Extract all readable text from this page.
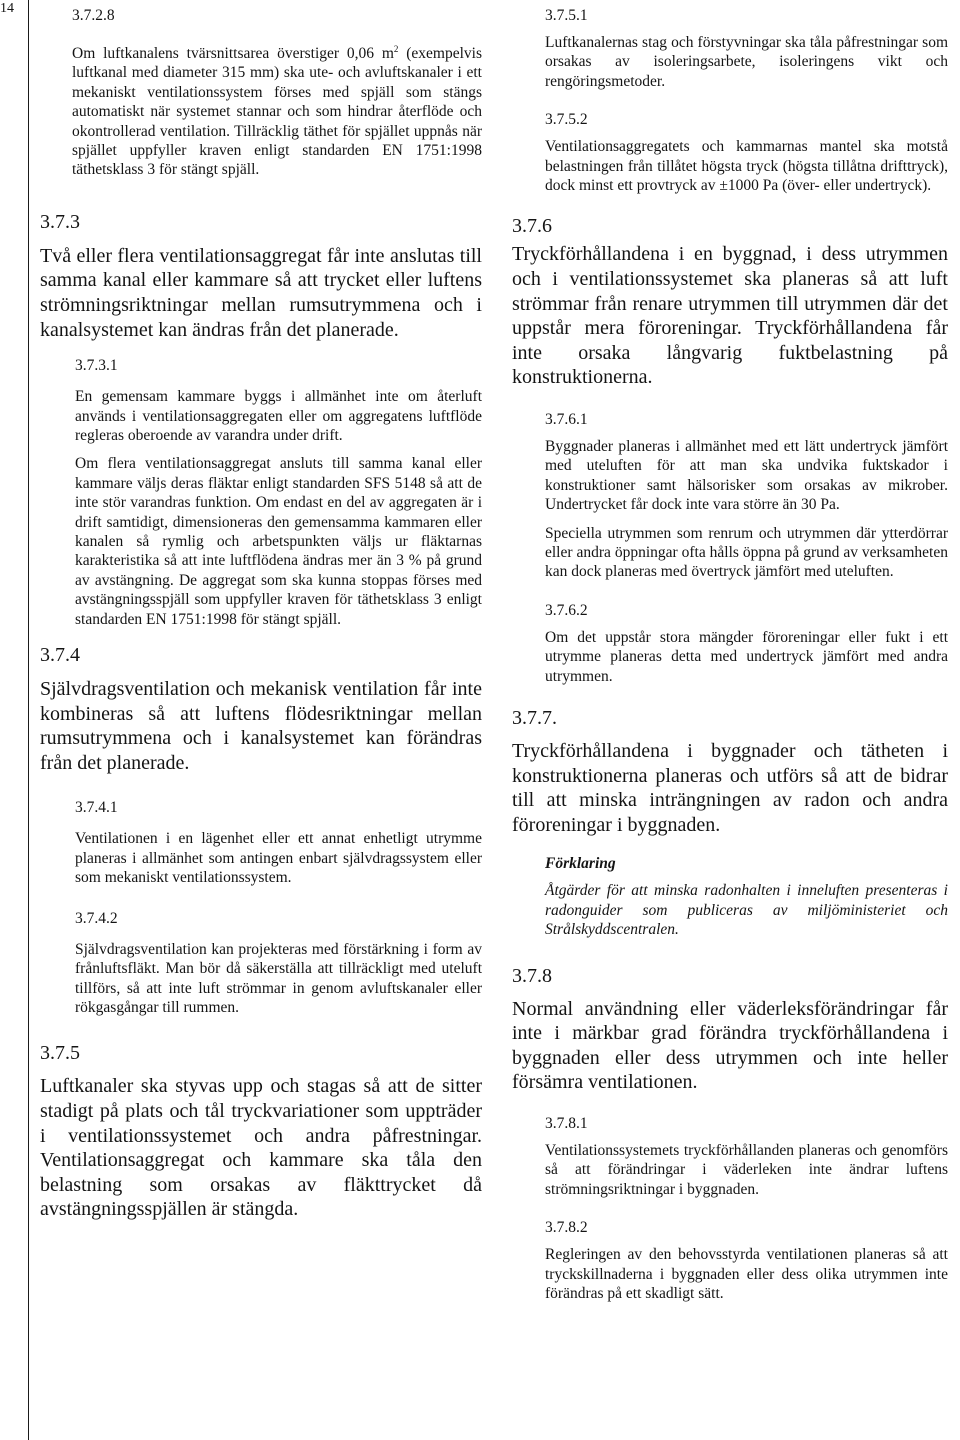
14	3.7.2.8

Om luftkanalens tvärsnittsarea överstiger 0,06 $m^2$ (exempelvis luftkanal med diameter 315 mm) ska ute- och avluftskanaler i ett mekaniskt ventilationssystem förses med spjäll som stängs automatiskt när systemet stannar och som hindrar återflöde och okontrollerad ventilation. Tillräcklig täthet för spjället uppnås när spjället uppfyller kraven enligt standarden EN 1751:1998 täthetsklass 3 för stängt spjäll.

3.7.3

Två eller flera ventilationsaggregat får inte anslutas till samma kanal eller kammare så att trycket eller luftens strömningsriktningar mellan rumsutrymmena och i kanalsystemet kan ändras från det planerade.

3.7.3.1

En gemensam kammare byggs i allmänhet inte om återluft används i ventilationsaggregaten eller om aggregatens luftflöde regleras oberoende av varandra under drift.

Om flera ventilationsaggregat ansluts till samma kanal eller kammare väljs deras fläktar enligt standarden SFS 5148 så att de inte stör varandras funktion. Om endast en del av aggregaten är i drift samtidigt, dimensioneras den gemensamma kammaren eller kanalen så rymlig och arbetspunkten väljs ur fläktarnas karakteristika så att inte luftflödena ändras mer än 3 % på grund av avstängning. De aggregat som ska kunna stoppas förses med avstängningsspjäll som uppfyller kraven för täthetsklass 3 enligt standarden EN 1751:1998 för stängt spjäll.

3.7.4

Självdragsventilation och mekanisk ventilation får inte kombineras så att luftens flödesriktningar mellan rumsutrymmena och i kanalsystemet kan förändras från det planerade.

3.7.4.1

Ventilationen i en lägenhet eller ett annat enhetligt utrymme planeras i allmänhet som antingen enbart självdragssystem eller som mekaniskt ventilationssystem.

3.7.4.2

Självdragsventilation kan projekteras med förstärkning i form av frånluftsfläkt. Man bör då säkerställa att tillräckligt med uteluft tillförs, så att inte luft strömmar in genom avluftskanaler eller rökgasgångar till rummen.

3.7.5

Luftkanaler ska styvas upp och stagas så att de sitter stadigt på plats och tål tryckvariationer som uppträder i ventilationssystemet och andra påfrestningar. Ventilationsaggregat och kammare ska tåla den belastning som orsakas av fläkttrycket då avstängningsspjällen är stängda.

3.7.5.1

Luftkanalernas stag och förstyvningar ska tåla påfrestningar som orsakas av isoleringsarbete, isoleringens vikt och rengöringsmetoder.

3.7.5.2

Ventilationsaggregatets och kammarnas mantel ska motstå belastningen från tillåtet högsta tryck (högsta tillåtna drifttryck), dock minst ett provtryck av ±1000 Pa (över- eller undertryck).

3.7.6

Tryckförhållandena i en byggnad, i dess utrymmen och i ventilationssystemet ska planeras så att luft strömmar från renare utrymmen till utrymmen där det uppstår mera föroreningar. Tryckförhållandena får inte orsaka långvarig fuktbelastning på konstruktionerna.

3.7.6.1

Byggnader planeras i allmänhet med ett lätt undertryck jämfört med uteluften för att man ska undvika fuktskador i konstruktioner samt hälsorisker som orsakas av mikrober. Undertrycket får dock inte vara större än 30 Pa.

Speciella utrymmen som renrum och utrymmen där ytterdörrar eller andra öppningar ofta hålls öppna på grund av verksamheten kan dock planeras med övertryck jämfört med uteluften.

3.7.6.2

Om det uppstår stora mängder föroreningar eller fukt i ett utrymme planeras detta med undertryck jämfört med andra utrymmen.

3.7.7.

Tryckförhållandena i byggnader och tätheten i konstruktionerna planeras och utförs så att de bidrar till att minska inträngningen av radon och andra föroreningar i byggnaden.

Förklaring

Åtgärder för att minska radonhalten i inneluften presenteras i radonguider som publiceras av miljöministeriet och Strålskyddscentralen.

3.7.8

Normal användning eller väderleksförändringar får inte i märkbar grad förändra tryckförhållandena i byggnaden eller dess utrymmen och inte heller försämra ventilationen.

3.7.8.1

Ventilationssystemets tryckförhållanden planeras och genomförs så att förändringar i väderleken inte ändrar luftens strömningsriktningar i byggnaden.

3.7.8.2

Regleringen av den behovsstyrda ventilationen planeras så att tryckskillnaderna i byggnaden eller dess olika utrymmen inte förändras på ett skadligt sätt.
